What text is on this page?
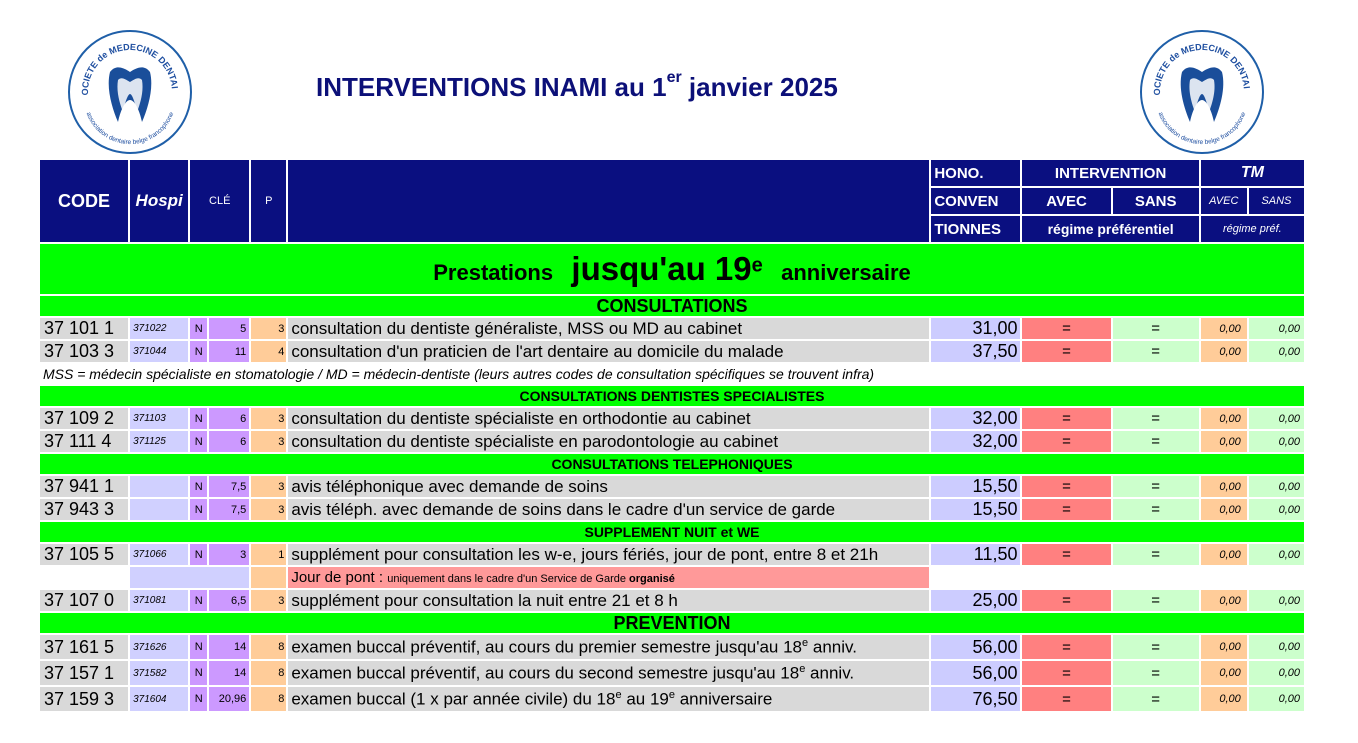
OCIETE de MEDECINE DENTAI
association dentaire belge francophone
OCIETE de MEDECINE DENTAI
association dentaire belge francophone
INTERVENTIONS INAMI au 1er janvier 2025
CODE	Hospi	CLÉ		P		HONO.	INTERVENTION		TM	
						CONVEN	AVEC	SANS	AVEC	SANS
						TIONNES	régime préférentiel		régime préf.	
Prestations jusqu'au 19e anniversaire										
CONSULTATIONS										
37 101 1	371022	N	5	3	consultation du dentiste généraliste, MSS ou MD au cabinet	31,00	=	=	0,00	0,00
37 103 3	371044	N	11	4	consultation d'un praticien de l'art dentaire au domicile du malade	37,50	=	=	0,00	0,00
MSS = médecin spécialiste en stomatologie / MD = médecin-dentiste (leurs autres codes de consultation spécifiques se trouvent infra)										
CONSULTATIONS DENTISTES SPECIALISTES										
37 109 2	371103	N	6	3	consultation du dentiste spécialiste en orthodontie au cabinet	32,00	=	=	0,00	0,00
37 111 4	371125	N	6	3	consultation du dentiste spécialiste en parodontologie au cabinet	32,00	=	=	0,00	0,00
CONSULTATIONS TELEPHONIQUES										
37 941 1		N	7,5	3	avis téléphonique avec demande de soins	15,50	=	=	0,00	0,00
37 943 3		N	7,5	3	avis téléph. avec demande de soins dans le cadre d'un service de garde	15,50	=	=	0,00	0,00
SUPPLEMENT NUIT et WE										
37 105 5	371066	N	3	1	supplément pour consultation les w-e, jours fériés, jour de pont, entre 8 et 21h	11,50	=	=	0,00	0,00
					Jour de pont : uniquement dans le cadre d'un Service de Garde organisé					
37 107 0	371081	N	6,5	3	supplément pour consultation la nuit entre 21 et 8 h	25,00	=	=	0,00	0,00
PREVENTION										
37 161 5	371626	N	14	8	examen buccal préventif, au cours du premier semestre jusqu'au 18e anniv.	56,00	=	=	0,00	0,00
37 157 1	371582	N	14	8	examen buccal préventif, au cours du second semestre jusqu'au 18e anniv.	56,00	=	=	0,00	0,00
37 159 3	371604	N	20,96	8	examen buccal (1 x par année civile) du 18e au 19e anniversaire	76,50	=	=	0,00	0,00
